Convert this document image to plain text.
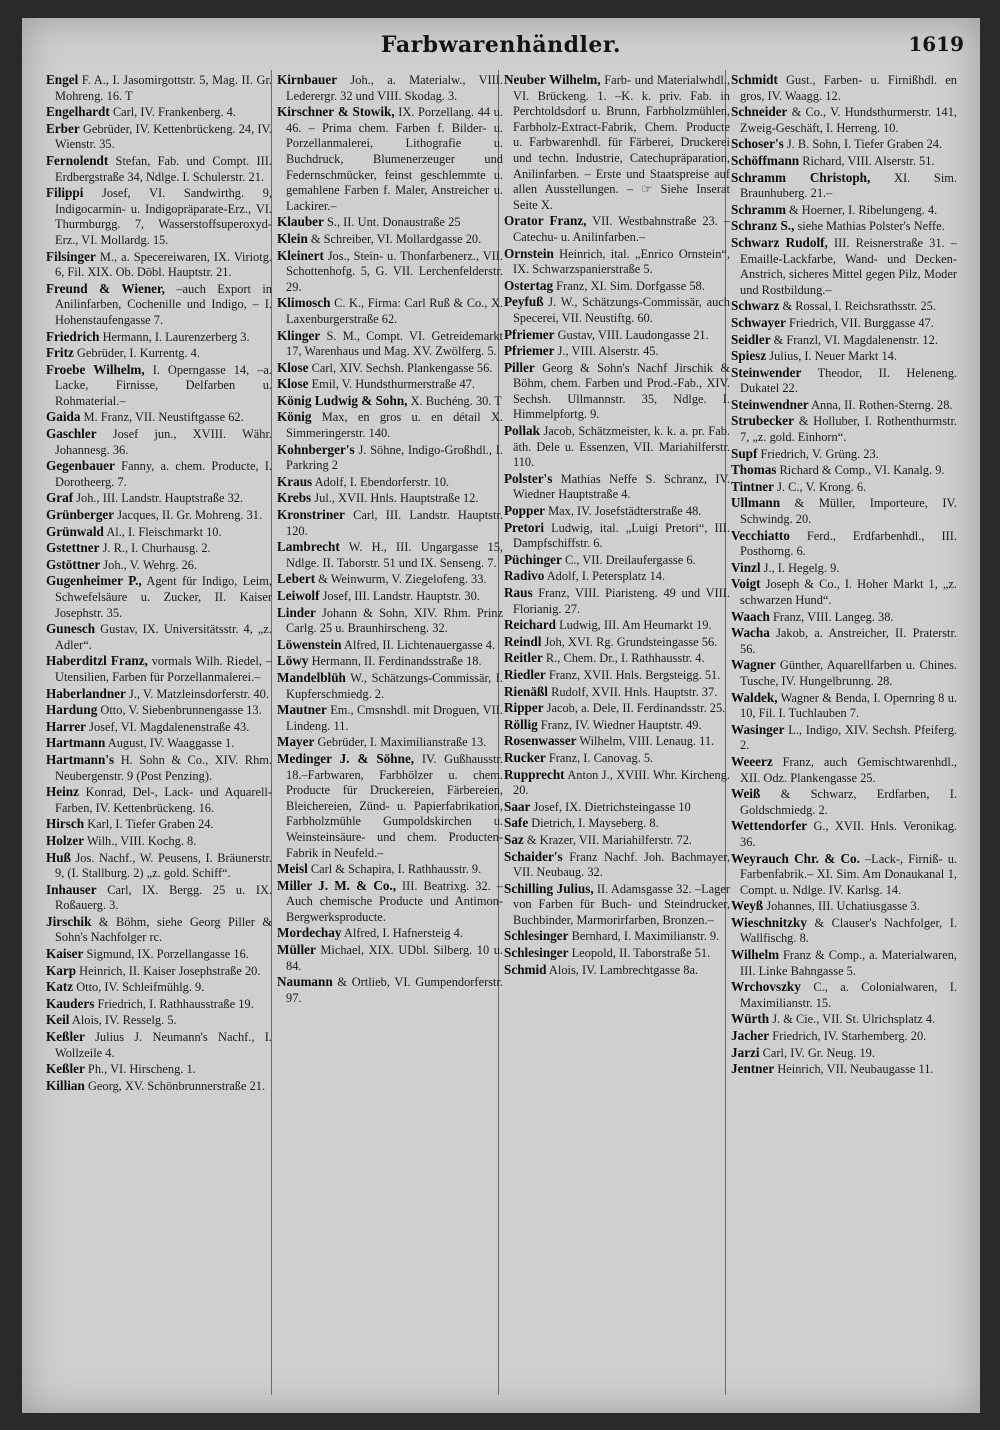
Farbwarenhändler.	1619

Engel F. A., I. Jasomirgottstr. 5, Mag. II. Gr. Mohreng. 16. T

Engelhardt Carl, IV. Frankenberg. 4.

Erber Gebrüder, IV. Kettenbrückeng. 24, IV. Wienstr. 35.

Fernolendt Stefan, Fab. und Compt. III. Erdbergstraße 34, Ndlge. I. Schulerstr. 21.

Filippi Josef, VI. Sandwirthg. 9, Indigocarmin- u. Indigopräparate-Erz., VI. Thurmburgg. 7, Wasserstoffsuperoxyd-Erz., VI. Mollardg. 15.

Filsinger M., a. Specereiwaren, IX. Viriotg. 6, Fil. XIX. Ob. Döbl. Hauptstr. 21.

Freund & Wiener, –auch Export in Anilinfarben, Cochenille und Indigo, – I. Hohenstaufengasse 7.

Friedrich Hermann, I. Laurenzerberg 3.

Fritz Gebrüder, I. Kurrentg. 4.

Froebe Wilhelm, I. Operngasse 14, –a. Lacke, Firnisse, Delfarben u. Rohmaterial.–

Gaida M. Franz, VII. Neustiftgasse 62.

Gaschler Josef jun., XVIII. Währ. Johannesg. 36.

Gegenbauer Fanny, a. chem. Producte, I. Dorotheerg. 7.

Graf Joh., III. Landstr. Hauptstraße 32.

Grünberger Jacques, II. Gr. Mohreng. 31.

Grünwald Al., I. Fleischmarkt 10.

Gstettner J. R., I. Churhausg. 2.

Gstöttner Joh., V. Wehrg. 26.

Gugenheimer P., Agent für Indigo, Leim, Schwefelsäure u. Zucker, II. Kaiser Josephstr. 35.

Gunesch Gustav, IX. Universitätsstr. 4, „z. Adler“.

Haberditzl Franz, vormals Wilh. Riedel, –Utensilien, Farben für Porzellanmalerei.–

Haberlandner J., V. Matzleinsdorferstr. 40.

Hardung Otto, V. Siebenbrunnengasse 13.

Harrer Josef, VI. Magdalenenstraße 43.

Hartmann August, IV. Waaggasse 1.

Hartmann's H. Sohn & Co., XIV. Rhm. Neubergenstr. 9 (Post Penzing).

Heinz Konrad, Del-, Lack- und Aquarell-Farben, IV. Kettenbrückeng. 16.

Hirsch Karl, I. Tiefer Graben 24.

Holzer Wilh., VIII. Kochg. 8.

Huß Jos. Nachf., W. Peusens, I. Bräunerstr. 9, (I. Stallburg. 2) „z. gold. Schiff“.

Inhauser Carl, IX. Bergg. 25 u. IX. Roßauerg. 3.

Jirschik & Böhm, siehe Georg Piller & Sohn's Nachfolger rc.

Kaiser Sigmund, IX. Porzellangasse 16.

Karp Heinrich, II. Kaiser Josephstraße 20.

Katz Otto, IV. Schleifmühlg. 9.

Kauders Friedrich, I. Rathhausstraße 19.

Keil Alois, IV. Resselg. 5.

Keßler Julius J. Neumann's Nachf., I. Wollzeile 4.

Keßler Ph., VI. Hirscheng. 1.

Killian Georg, XV. Schönbrunnerstraße 21.

Kirnbauer Joh., a. Materialw., VIII. Lederergr. 32 und VIII. Skodag. 3.

Kirschner & Stowik, IX. Porzellang. 44 u. 46. – Prima chem. Farben f. Bilder- u. Porzellanmalerei, Lithografie u. Buchdruck, Blumenerzeuger und Federnschmücker, feinst geschlemmte u. gemahlene Farben f. Maler, Anstreicher u. Lackirer.–

Klauber S., II. Unt. Donaustraße 25

Klein & Schreiber, VI. Mollardgasse 20.

Kleinert Jos., Stein- u. Thonfarbenerz., VII. Schottenhofg. 5, G. VII. Lerchenfelderstr. 29.

Klimosch C. K., Firma: Carl Ruß & Co., X. Laxenburgerstraße 62.

Klinger S. M., Compt. VI. Getreidemarkt 17, Warenhaus und Mag. XV. Zwölferg. 5.

Klose Carl, XIV. Sechsh. Plankengasse 56.

Klose Emil, V. Hundsthurmerstraße 47.

König Ludwig & Sohn, X. Buchéng. 30. T

König Max, en gros u. en détail X. Simmeringerstr. 140.

Kohnberger's J. Söhne, Indigo-Großhdl., I. Parkring 2

Kraus Adolf, I. Ebendorferstr. 10.

Krebs Jul., XVII. Hnls. Hauptstraße 12.

Kronstriner Carl, III. Landstr. Hauptstr. 120.

Lambrecht W. H., III. Ungargasse 15, Ndlge. II. Taborstr. 51 und IX. Senseng. 7.

Lebert & Weinwurm, V. Ziegelofeng. 33.

Leiwolf Josef, III. Landstr. Hauptstr. 30.

Linder Johann & Sohn, XIV. Rhm. Prinz Carlg. 25 u. Braunhirscheng. 32.

Löwenstein Alfred, II. Lichtenauergasse 4.

Löwy Hermann, II. Ferdinandsstraße 18.

Mandelblüh W., Schätzungs-Commissär, I. Kupferschmiedg. 2.

Mautner Em., Cmsnshdl. mit Droguen, VII. Lindeng. 11.

Mayer Gebrüder, I. Maximilianstraße 13.

Medinger J. & Söhne, IV. Gußhausstr. 18.–Farbwaren, Farbhölzer u. chem. Producte für Druckereien, Färbereien, Bleichereien, Zünd- u. Papierfabrikation, Farbholzmühle Gumpoldskirchen u. Weinsteinsäure- und chem. Producten-Fabrik in Neufeld.–

Meisl Carl & Schapira, I. Rathhausstr. 9.

Miller J. M. & Co., III. Beatrixg. 32. –Auch chemische Producte und Antimon-Bergwerksproducte.

Mordechay Alfred, I. Hafnersteig 4.

Müller Michael, XIX. UDbl. Silberg. 10 u. 84.

Naumann & Ortlieb, VI. Gumpendorferstr. 97.

Neuber Wilhelm, Farb- und Materialwhdl., VI. Brückeng. 1. –K. k. priv. Fab. in Perchtoldsdorf u. Brunn, Farbholzmühlen, Farbholz-Extract-Fabrik, Chem. Producte u. Farbwarenhdl. für Färberei, Druckerei und techn. Industrie, Catechupräparation, Anilinfarben. – Erste und Staatspreise auf allen Ausstellungen. – ☞ Siehe Inserat Seite X.

Orator Franz, VII. Westbahnstraße 23. –Catechu- u. Anilinfarben.–

Ornstein Heinrich, ital. „Enrico Ornstein“, IX. Schwarzspanierstraße 5.

Ostertag Franz, XI. Sim. Dorfgasse 58.

Peyfuß J. W., Schätzungs-Commissär, auch Specerei, VII. Neustiftg. 60.

Pfriemer Gustav, VIII. Laudongasse 21.

Pfriemer J., VIII. Alserstr. 45.

Piller Georg & Sohn's Nachf Jirschik & Böhm, chem. Farben und Prod.-Fab., XIV. Sechsh. Ullmannstr. 35, Ndlge. I. Himmelpfortg. 9.

Pollak Jacob, Schätzmeister, k. k. a. pr. Fab. äth. Dele u. Essenzen, VII. Mariahilferstr. 110.

Polster's Mathias Neffe S. Schranz, IV. Wiedner Hauptstraße 4.

Popper Max, IV. Josefstädterstraße 48.

Pretori Ludwig, ital. „Luigi Pretori“, III. Dampfschiffstr. 6.

Püchinger C., VII. Dreilaufergasse 6.

Radivo Adolf, I. Petersplatz 14.

Raus Franz, VIII. Piaristeng. 49 und VIII. Florianig. 27.

Reichard Ludwig, III. Am Heumarkt 19.

Reindl Joh, XVI. Rg. Grundsteingasse 56.

Reitler R., Chem. Dr., I. Rathhausstr. 4.

Riedler Franz, XVII. Hnls. Bergsteigg. 51.

Rienäßl Rudolf, XVII. Hnls. Hauptstr. 37.

Ripper Jacob, a. Dele, II. Ferdinandsstr. 25.

Röllig Franz, IV. Wiedner Hauptstr. 49.

Rosenwasser Wilhelm, VIII. Lenaug. 11.

Rucker Franz, I. Canovag. 5.

Rupprecht Anton J., XVIII. Whr. Kircheng. 20.

Saar Josef, IX. Dietrichsteingasse 10

Safe Dietrich, I. Mayseberg. 8.

Saz & Krazer, VII. Mariahilferstr. 72.

Schaider's Franz Nachf. Joh. Bachmayer, VII. Neubaug. 32.

Schilling Julius, II. Adamsgasse 32. –Lager von Farben für Buch- und Steindrucker, Buchbinder, Marmorirfarben, Bronzen.–

Schlesinger Bernhard, I. Maximilianstr. 9.

Schlesinger Leopold, II. Taborstraße 51.

Schmid Alois, IV. Lambrechtgasse 8a.

Schmidt Gust., Farben- u. Firnißhdl. en gros, IV. Waagg. 12.

Schneider & Co., V. Hundsthurmerstr. 141, Zweig-Geschäft, I. Herreng. 10.

Schoser's J. B. Sohn, I. Tiefer Graben 24.

Schöffmann Richard, VIII. Alserstr. 51.

Schramm Christoph, XI. Sim. Braunhuberg. 21.–

Schramm & Hoerner, I. Ribelungeng. 4.

Schranz S., siehe Mathias Polster's Neffe.

Schwarz Rudolf, III. Reisnerstraße 31. –Emaille-Lackfarbe, Wand- und Decken-Anstrich, sicheres Mittel gegen Pilz, Moder und Rostbildung.–

Schwarz & Rossal, I. Reichsrathsstr. 25.

Schwayer Friedrich, VII. Burggasse 47.

Seidler & Franzl, VI. Magdalenenstr. 12.

Spiesz Julius, I. Neuer Markt 14.

Steinwender Theodor, II. Heleneng. Dukatel 22.

Steinwendner Anna, II. Rothen-Sterng. 28.

Strubecker & Holluber, I. Rothenthurmstr. 7, „z. gold. Einhorn“.

Supf Friedrich, V. Grüng. 23.

Thomas Richard & Comp., VI. Kanalg. 9.

Tintner J. C., V. Krong. 6.

Ullmann & Müller, Importeure, IV. Schwindg. 20.

Vecchiatto Ferd., Erdfarbenhdl., III. Posthorng. 6.

Vinzl J., I. Hegelg. 9.

Voigt Joseph & Co., I. Hoher Markt 1, „z. schwarzen Hund“.

Waach Franz, VIII. Langeg. 38.

Wacha Jakob, a. Anstreicher, II. Praterstr. 56.

Wagner Günther, Aquarellfarben u. Chines. Tusche, IV. Hungelbrunng. 28.

Waldek, Wagner & Benda, I. Opernring 8 u. 10, Fil. I. Tuchlauben 7.

Wasinger L., Indigo, XIV. Sechsh. Pfeiferg. 2.

Weeerz Franz, auch Gemischtwarenhdl., XII. Odz. Plankengasse 25.

Weiß & Schwarz, Erdfarben, I. Goldschmiedg. 2.

Wettendorfer G., XVII. Hnls. Veronikag. 36.

Weyrauch Chr. & Co. –Lack-, Firniß- u. Farbenfabrik.– XI. Sim. Am Donaukanal 1, Compt. u. Ndlge. IV. Karlsg. 14.

Weyß Johannes, III. Uchatiusgasse 3.

Wieschnitzky & Clauser's Nachfolger, I. Wallfischg. 8.

Wilhelm Franz & Comp., a. Materialwaren, III. Linke Bahngasse 5.

Wrchovszky C., a. Colonialwaren, I. Maximilianstr. 15.

Würth J. & Cie., VII. St. Ulrichsplatz 4.

Jacher Friedrich, IV. Starhemberg. 20.

Jarzi Carl, IV. Gr. Neug. 19.

Jentner Heinrich, VII. Neubaugasse 11.
